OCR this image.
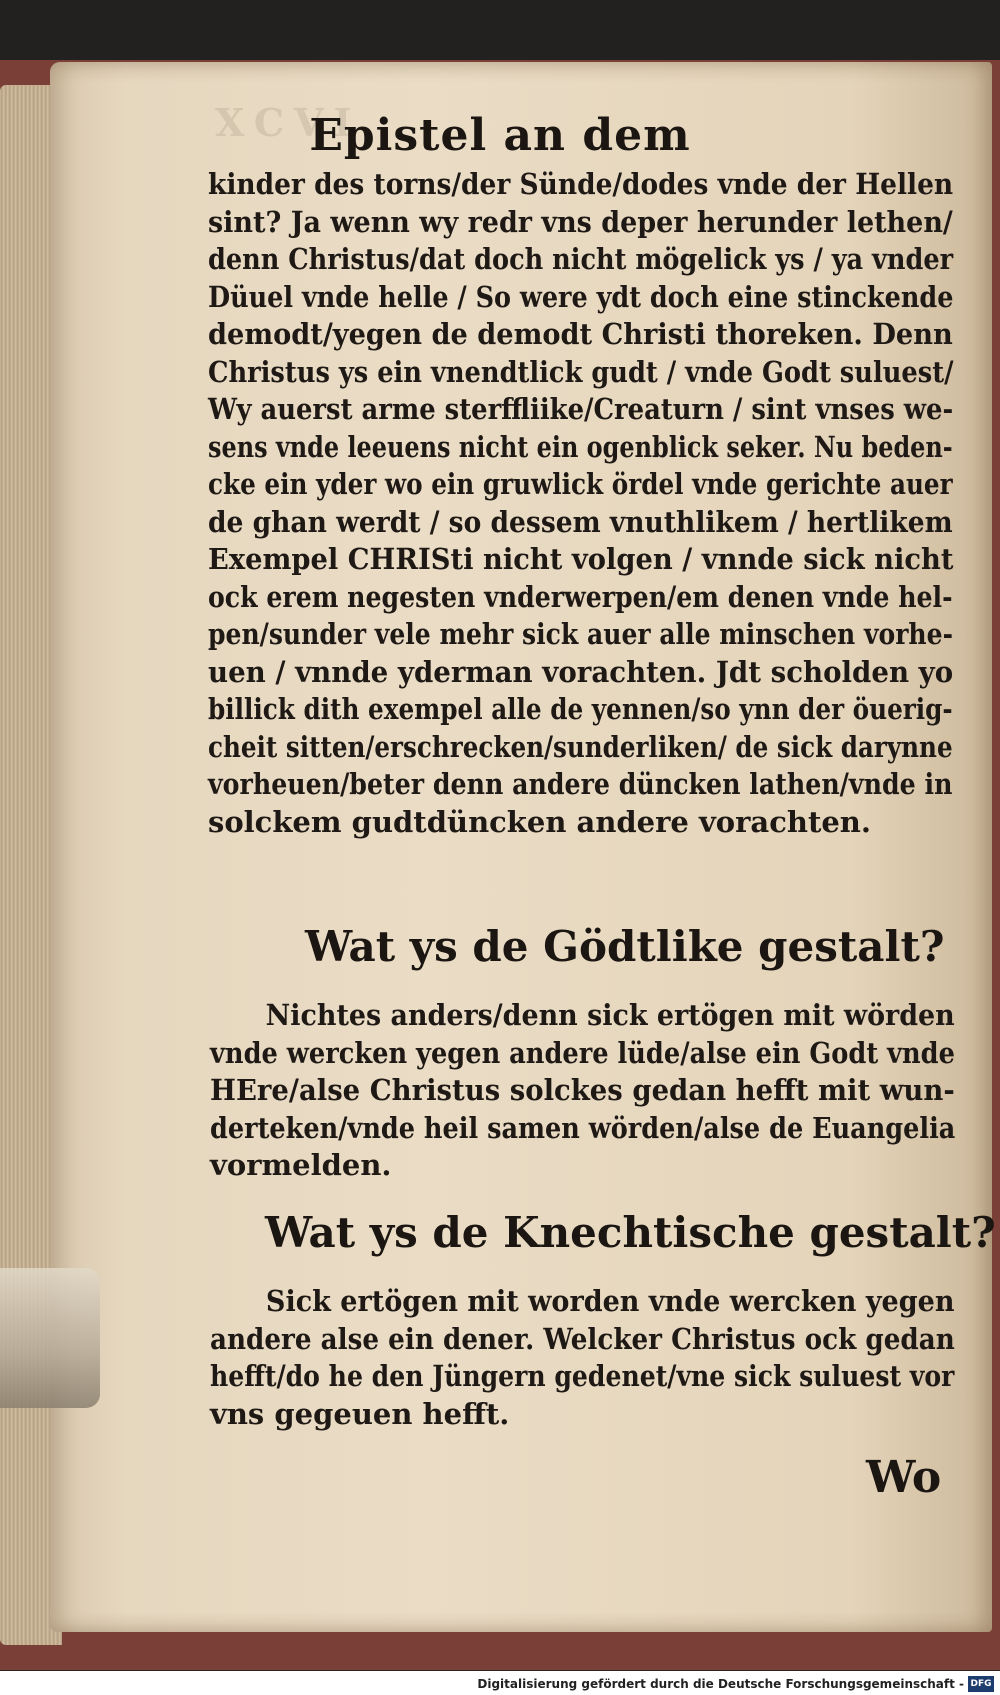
XCVI
Epistel an dem
kinder des torns/der Sünde/dodes vnde der Hellen
sint? Ja wenn wy redr vns deper herunder lethen/
denn Christus/dat doch nicht mögelick ys / ya vnder
Düuel vnde helle / So were ydt doch eine stinckende
demodt/yegen de demodt Christi thoreken. Denn
Christus ys ein vnendtlick gudt / vnde Godt suluest/
Wy auerst arme sterffliike/Creaturn / sint vnses we-
sens vnde leeuens nicht ein ogenblick seker. Nu beden-
cke ein yder wo ein gruwlick ördel vnde gerichte auer
de ghan werdt / so dessem vnuthlikem / hertlikem
Exempel CHRISti nicht volgen / vnnde sick nicht
ock erem negesten vnderwerpen/em denen vnde hel-
pen/sunder vele mehr sick auer alle minschen vorhe-
uen / vnnde yderman vorachten. Jdt scholden yo
billick dith exempel alle de yennen/so ynn der öuerig-
cheit sitten/erschrecken/sunderliken/ de sick darynne
vorheuen/beter denn andere düncken lathen/vnde in
solckem gudtdüncken andere vorachten.
Wat ys de Gödtlike gestalt?
Nichtes anders/denn sick ertögen mit wörden
vnde wercken yegen andere lüde/alse ein Godt vnde
HEre/alse Christus solckes gedan hefft mit wun-
derteken/vnde heil samen wörden/alse de Euangelia
vormelden.
Wat ys de Knechtische gestalt?
Sick ertögen mit worden vnde wercken yegen
andere alse ein dener. Welcker Christus ock gedan
hefft/do he den Jüngern gedenet/vne sick suluest vor
vns gegeuen hefft.
Wo
Digitalisierung gefördert durch die Deutsche Forschungsgemeinschaft - DFG
